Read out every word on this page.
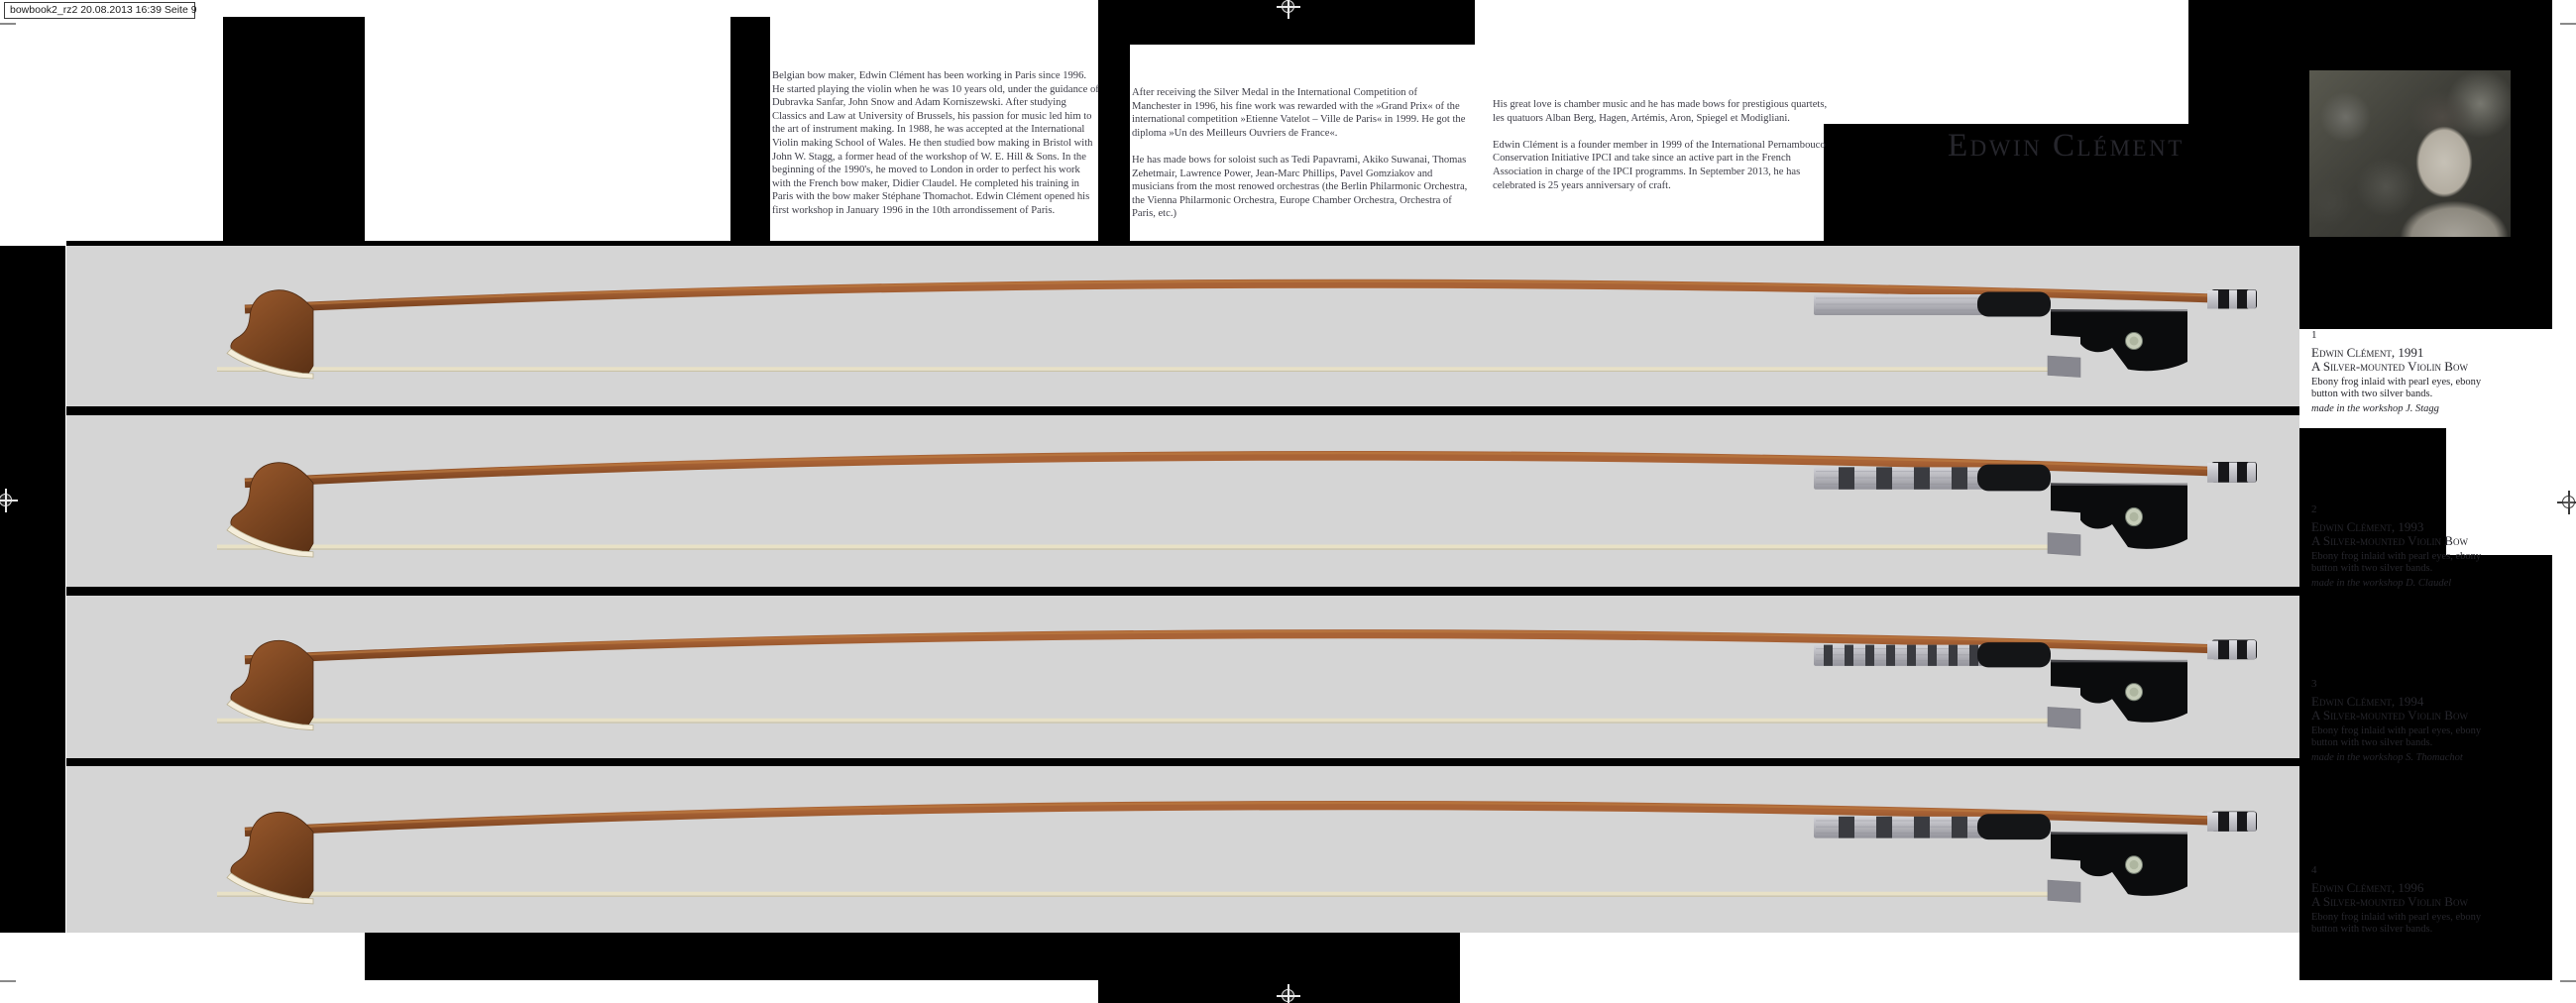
bowbook2_rz2 20.08.2013 16:39 Seite 9

Belgian bow maker, Edwin Clément has been working in Paris since 1996. He started playing the violin when he was 10 years old, under the guidance of Dubravka Sanfar, John Snow and Adam Korniszewski. After studying Classics and Law at University of Brussels, his passion for music led him to the art of instrument making. In 1988, he was accepted at the International Violin making School of Wales. He then studied bow making in Bristol with John W. Stagg, a former head of the workshop of W. E. Hill & Sons. In the beginning of the 1990's, he moved to London in order to perfect his work with the French bow maker, Didier Claudel. He completed his training in Paris with the bow maker Stéphane Thomachot. Edwin Clément opened his first workshop in January 1996 in the 10th arrondissement of Paris.

After receiving the Silver Medal in the International Competition of Manchester in 1996, his fine work was rewarded with the »Grand Prix« of the international competition »Etienne Vatelot – Ville de Paris« in 1999. He got the diploma »Un des Meilleurs Ouvriers de France«.

He has made bows for soloist such as Tedi Papavrami, Akiko Suwanai, Thomas Zehetmair, Lawrence Power, Jean-Marc Phillips, Pavel Gomziakov and musicians from the most renowed orchestras (the Berlin Philarmonic Orchestra, the Vienna Philarmonic Orchestra, Europe Chamber Orchestra, Orchestra of Paris, etc.)

His great love is chamber music and he has made bows for prestigious quartets, les quatuors Alban Berg, Hagen, Artémis, Aron, Spiegel et Modigliani.

Edwin Clément is a founder member in 1999 of the International Pernambouco Conservation Initiative IPCI and take since an active part in the French Association in charge of the IPCI programms. In September 2013, he has celebrated is 25 years anniversary of craft.

Edwin Clément
1
Edwin Clément, 1991
A Silver-mounted Violin Bow
Ebony frog inlaid with pearl eyes, ebony button with two silver bands.
made in the workshop J. Stagg
2
Edwin Clément, 1993
A Silver-mounted Violin Bow
Ebony frog inlaid with pearl eyes, ebony button with two silver bands.
made in the workshop D. Claudel
3
Edwin Clément, 1994
A Silver-mounted Violin Bow
Ebony frog inlaid with pearl eyes, ebony button with two silver bands.
made in the workshop S. Thomachot
4
Edwin Clément, 1996
A Silver-mounted Violin Bow
Ebony frog inlaid with pearl eyes, ebony button with two silver bands.
